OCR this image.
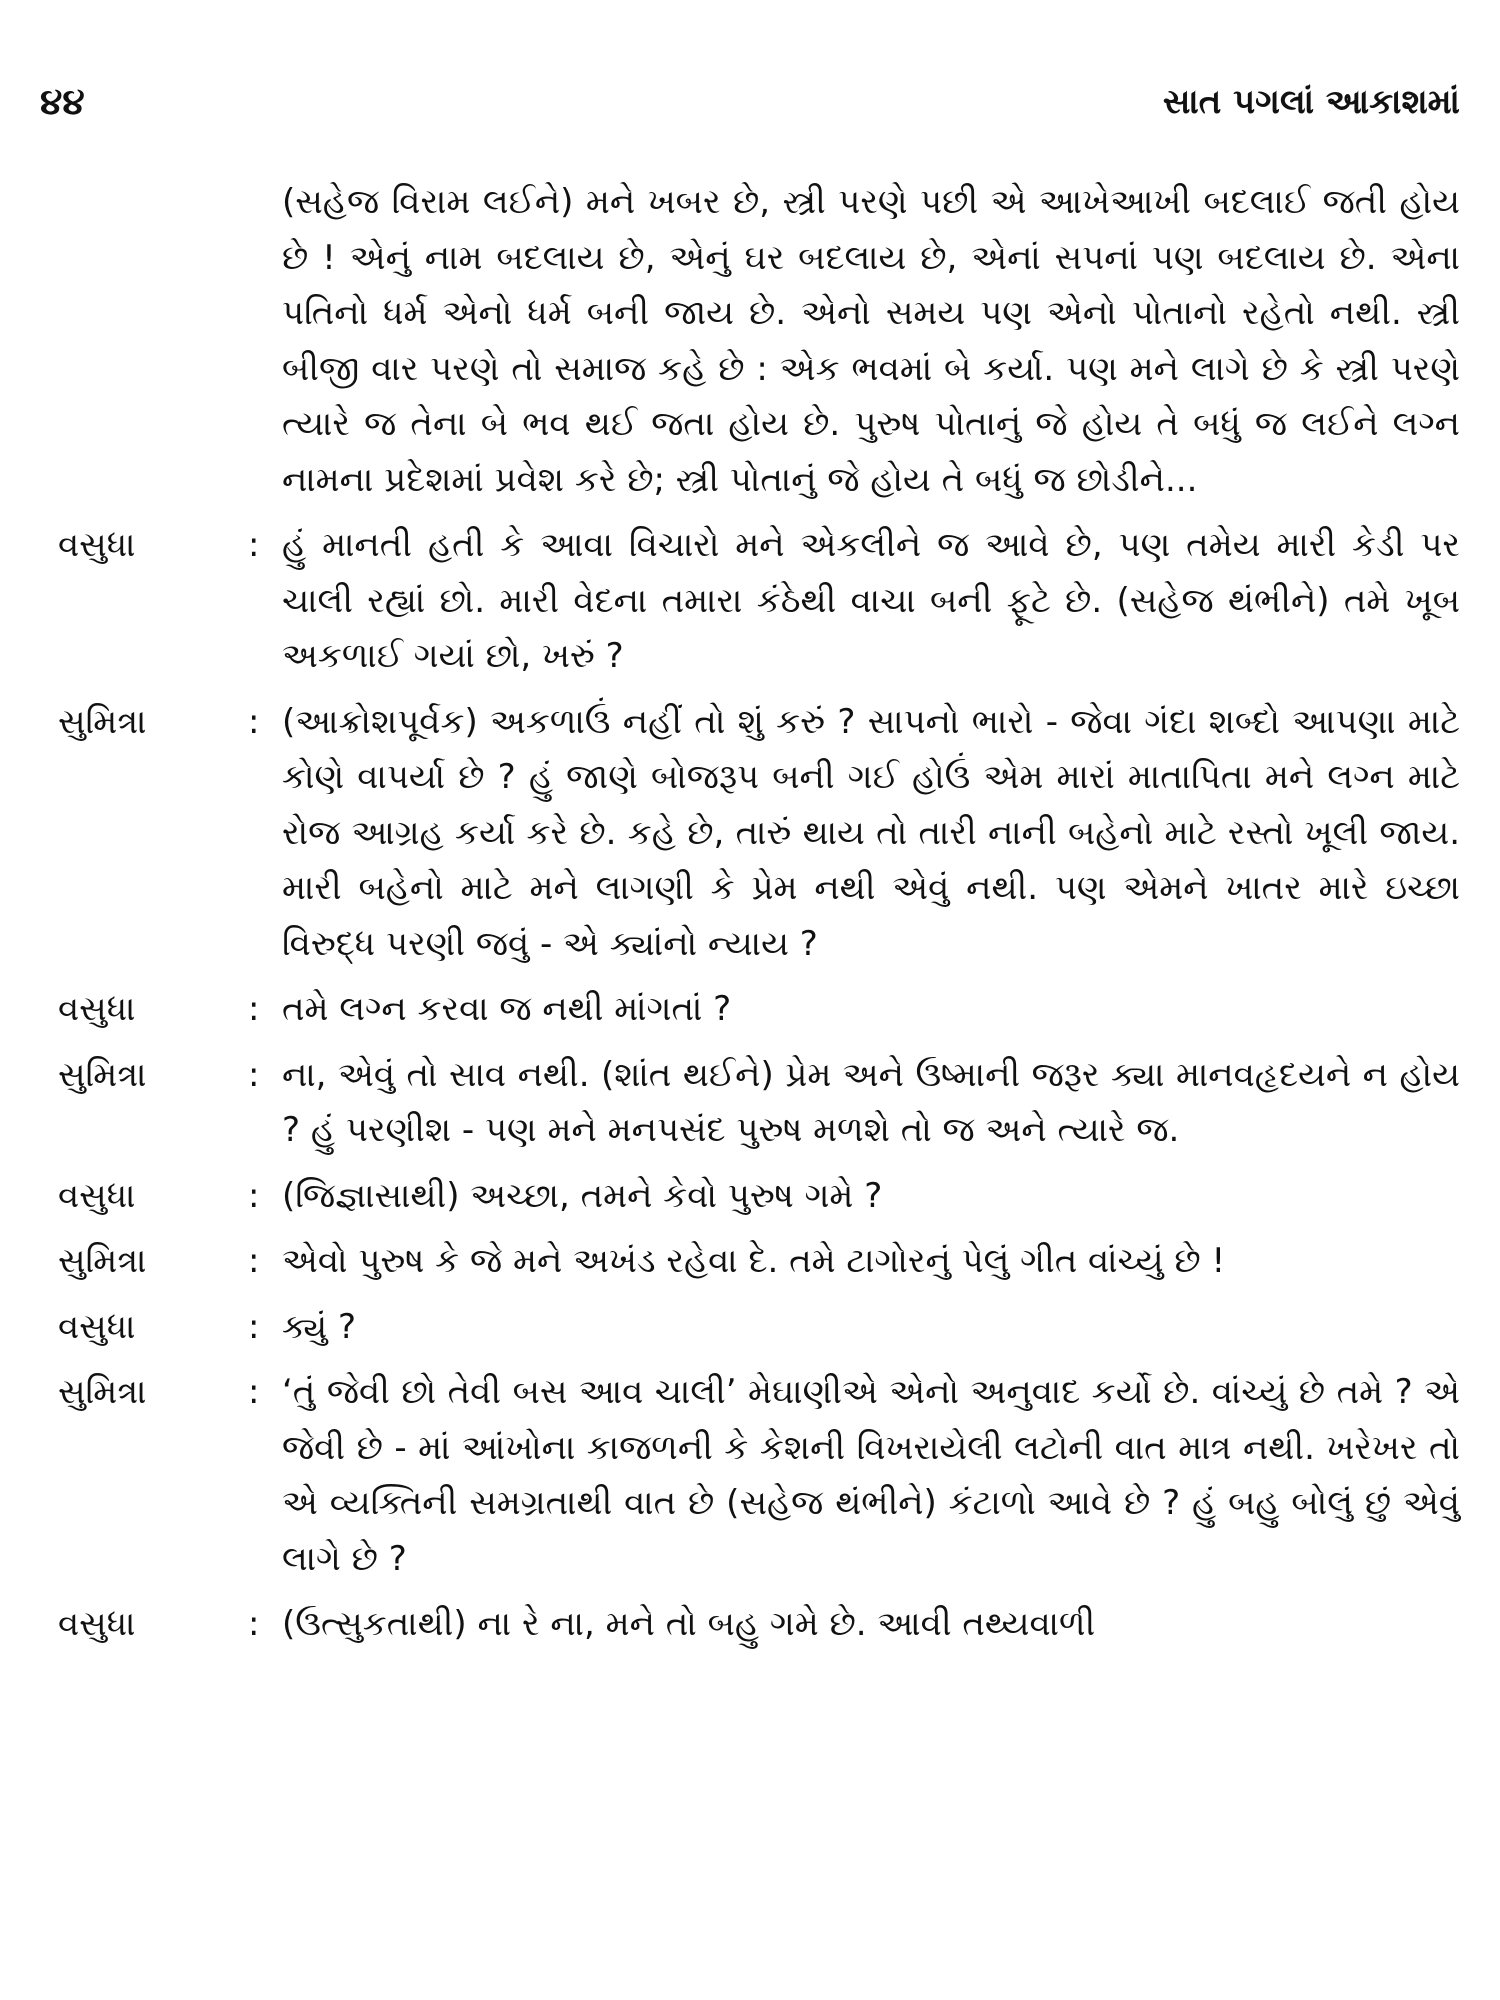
૪૪	સાત પગલાં આકાશમાં
(સહેજ વિરામ લઈને) મને ખબર છે, સ્ત્રી પરણે પછી એ આખેઆખી બદલાઈ જતી હોય છે ! એનું નામ બદલાય છે, એનું ઘર બદલાય છે, એનાં સપનાં પણ બદલાય છે. એના પતિનો ધર્મ એનો ધર્મ બની જાય છે. એનો સમય પણ એનો પોતાનો રહેતો નથી. સ્ત્રી બીજી વાર પરણે તો સમાજ કહે છે : એક ભવમાં બે કર્યા. પણ મને લાગે છે કે સ્ત્રી પરણે ત્યારે જ તેના બે ભવ થઈ જતા હોય છે. પુરુષ પોતાનું જે હોય તે બધું જ લઈને લગ્ન નામના પ્રદેશમાં પ્રવેશ કરે છે; સ્ત્રી પોતાનું જે હોય તે બધું જ છોડીને...
વસુધા	: હું માનતી હતી કે આવા વિચારો મને એકલીને જ આવે છે, પણ તમેય મારી કેડી પર ચાલી રહ્યાં છો. મારી વેદના તમારા કંઠેથી વાચા બની ફૂટે છે. (સહેજ થંભીને) તમે ખૂબ અકળાઈ ગયાં છો, ખરું ?
સુમિત્રા	: (આક્રોશપૂર્વક) અકળાઉં નહીં તો શું કરું ? સાપનો ભારો - જેવા ગંદા શબ્દો આપણા માટે કોણે વાપર્યા છે ? હું જાણે બોજરૂપ બની ગઈ હોઉં એમ મારાં માતાપિતા મને લગ્ન માટે રોજ આગ્રહ કર્યા કરે છે. કહે છે, તારું થાય તો તારી નાની બહેનો માટે રસ્તો ખૂલી જાય. મારી બહેનો માટે મને લાગણી કે પ્રેમ નથી એવું નથી. પણ એમને ખાતર મારે ઇચ્છા વિરુદ્ધ પરણી જવું - એ ક્યાંનો ન્યાય ?
વસુધા	: તમે લગ્ન કરવા જ નથી માંગતાં ?
સુમિત્રા	: ના, એવું તો સાવ નથી. (શાંત થઈને) પ્રેમ અને ઉષ્માની જરૂર ક્યા માનવહૃદયને ન હોય ? હું પરણીશ - પણ મને મનપસંદ પુરુષ મળશે તો જ અને ત્યારે જ.
વસુધા	: (જિજ્ઞાસાથી) અચ્છા, તમને કેવો પુરુષ ગમે ?
સુમિત્રા	: એવો પુરુષ કે જે મને અખંડ રહેવા દે. તમે ટાગોરનું પેલું ગીત વાંચ્યું છે !
વસુધા	: ક્યું ?
સુમિત્રા	: ‘તું જેવી છો તેવી બસ આવ ચાલી’ મેઘાણીએ એનો અનુવાદ કર્યો છે. વાંચ્યું છે તમે ? એ જેવી છે - માં આંખોના કાજળની કે કેશની વિખરાયેલી લટોની વાત માત્ર નથી. ખરેખર તો એ વ્યક્તિની સમગ્રતાથી વાત છે (સહેજ થંભીને) કંટાળો આવે છે ? હું બહુ બોલું છું એવું લાગે છે ?
વસુધા	: (ઉત્સુકતાથી) ના રે ના, મને તો બહુ ગમે છે. આવી તથ્યવાળી
